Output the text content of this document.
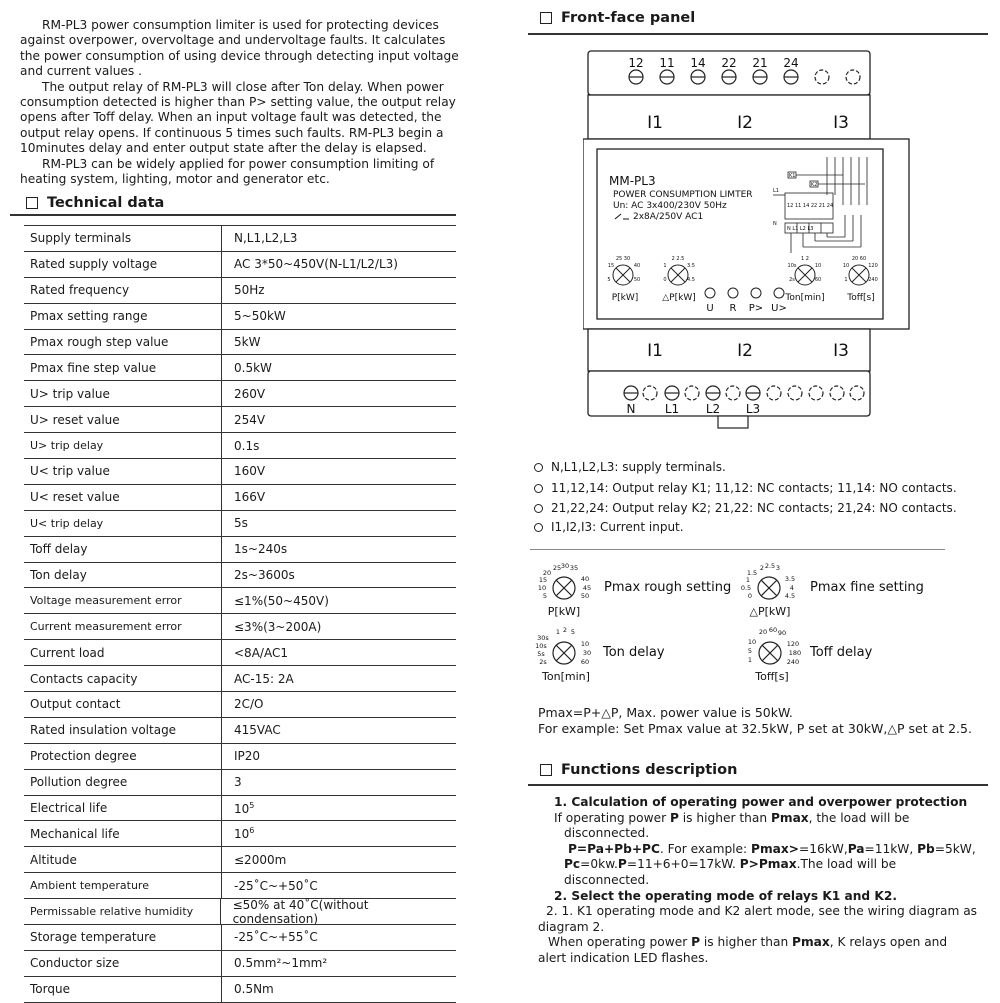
RM-PL3 power consumption limiter is used for protecting devices against overpower, overvoltage and undervoltage faults. It calculates the power consumption of using device through detecting input voltage and current values .

The output relay of RM-PL3 will close after Ton delay. When power consumption detected is higher than P> setting value, the output relay opens after Toff delay. When an input voltage fault was detected, the output relay opens. If continuous 5 times such faults. RM-PL3 begin a 10minutes delay and enter output state after the delay is elapsed.

RM-PL3 can be widely applied for power consumption limiting of heating system, lighting, motor and generator etc.

Technical data
Supply terminals	N,L1,L2,L3
Rated supply voltage	AC 3*50~450V(N-L1/L2/L3)
Rated frequency	50Hz
Pmax setting range	5~50kW
Pmax rough step value	5kW
Pmax fine step value	0.5kW
U> trip value	260V
U> reset value	254V
U> trip delay	0.1s
U< trip value	160V
U< reset value	166V
U< trip delay	5s
Toff delay	1s~240s
Ton delay	2s~3600s
Voltage measurement error	≤1%(50~450V)
Current measurement error	≤3%(3~200A)
Current load	<8A/AC1
Contacts capacity	AC-15: 2A
Output contact	2C/O
Rated insulation voltage	415VAC
Protection degree	IP20
Pollution degree	3
Electrical life	$10^5$
Mechanical life	$10^6$
Altitude	≤2000m
Ambient temperature	-25˚C~+50˚C
Permissable relative humidity	≤50% at 40˚C(without condensation)
Storage temperature	-25˚C~+55˚C
Conductor size	0.5mm²~1mm²
Torque	0.5Nm
Front-face panel
12 11 14 22 21 24
I1	I2	I3
MM-PL3
POWER CONSUMPTION LIMTER
Un: AC 3x400/230V 50Hz
2x8A/250V AC1
K1
K2
12 11 14 22 21 24
L1
N
N L1 L2 L3
25 30
15	40
5	50
2 2.5
1	3.5
0	4.5
1 2
10s	10
2s	60
20 60
10	120
1	240
P[kW]	△P[kW]	Ton[min]	Toff[s]
U R P> U>
I1	I2	I3
N L1 L2 L3
N,L1,L2,L3: supply terminals.
11,12,14: Output relay K1; 11,12: NC contacts; 11,14: NO contacts.
21,22,24: Output relay K2; 21,22: NC contacts; 21,24: NO contacts.
I1,I2,I3: Current input.
25 30 35
20
15
10
5
40
45
50
2 2.5 3
1.5
1
0.5
0
3.5
4
4.5
1 2 5
30s
10s
5s
2s
10
30
60
20 60 90
10
5
1
120
180
240
P[kW]	△P[kW]
Ton[min]	Toff[s]
Pmax rough setting	Pmax fine setting
Ton delay	Toff delay
Pmax=P+△P, Max. power value is 50kW.
For example: Set Pmax value at 32.5kW, P set at 30kW,△P set at 2.5.
Functions description

1. Calculation of operating power and overpower protection

If operating power P is higher than Pmax, the load will be disconnected.

P=Pa+Pb+PC. For example: Pmax>=16kW,Pa=11kW, Pb=5kW,

Pc=0kw.P=11+6+0=17kW. P>Pmax.The load will be disconnected.

2. Select the operating mode of relays K1 and K2.

2. 1. K1 operating mode and K2 alert mode, see the wiring diagram as diagram 2.

When operating power P is higher than Pmax, K relays open and alert indication LED flashes.
